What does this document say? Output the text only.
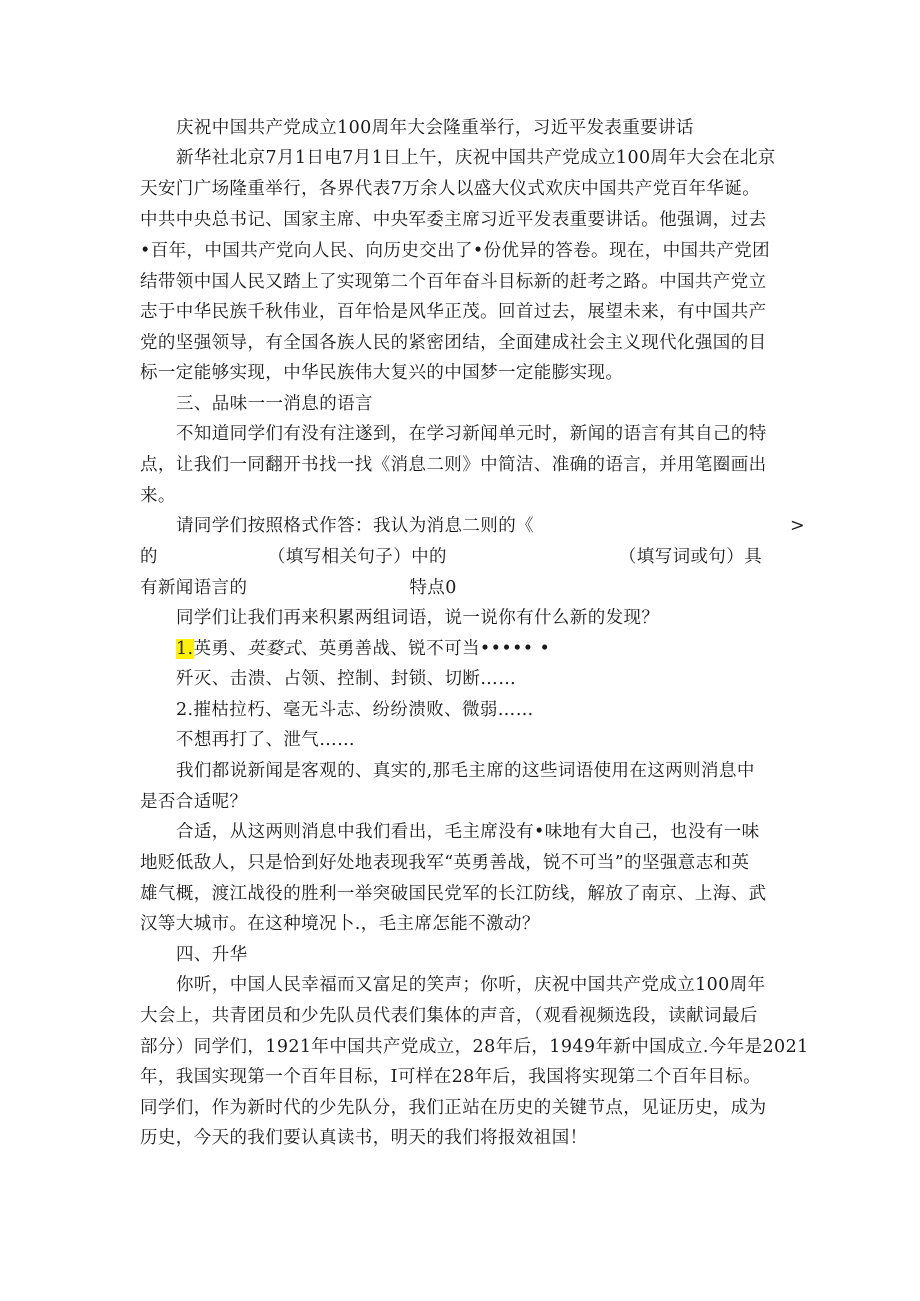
庆祝中国共产党成立100周年大会隆重举行，习近平发表重要讲话
新华社北京7月1日电7月1日上午，庆祝中国共产党成立100周年大会在北京
天安门广场隆重举行，各界代表7万余人以盛大仪式欢庆中国共产党百年华诞。
中共中央总书记、国家主席、中央军委主席习近平发表重要讲话。他强调，过去
•百年，中国共产党向人民、向历史交出了•份优异的答卷。现在，中国共产党团
结带领中国人民又踏上了实现第二个百年奋斗目标新的赶考之路。中国共产党立
志于中华民族千秋伟业，百年恰是风华正茂。回首过去，展望未来，有中国共产
党的坚强领导，有全国各族人民的紧密团结，全面建成社会主义现代化强国的目
标一定能够实现，中华民族伟大复兴的中国梦一定能膨实现。
三、品味一一消息的语言
不知道同学们有没有注遂到，在学习新闻单元时，新闻的语言有其自己的特
点，让我们一同翻开书找一找《消息二则》中简洁、准确的语言，并用笔圈画出
来。
请同学们按照格式作答：我认为消息二则的《	>
的	（填写相关句子）中的	（填写词或句）具
有新闻语言的	特点0
同学们让我们再来积累两组词语，说一说你有什么新的发现？
1.英勇、英婺式、英勇善战、锐不可当••••• •
歼灭、击溃、占领、控制、封锁、切断……
2.摧枯拉朽、毫无斗志、纷纷溃败、微弱……
不想再打了、泄气……
我们都说新闻是客观的、真实的,那毛主席的这些词语使用在这两则消息中
是否合适呢？
合适，从这两则消息中我们看出，毛主席没有•味地有大自己，也没有一味
地贬低敌人，只是恰到好处地表现我军“英勇善战，锐不可当”的坚强意志和英
雄气概，渡江战役的胜利一举突破国民党军的长江防线，解放了南京、上海、武
汉等大城市。在这种境况卜.，毛主席怎能不激动？
四、升华
你听，中国人民幸福而又富足的笑声；你听，庆祝中国共产党成立100周年
大会上，共青团员和少先队员代表们集体的声音，（观看视频选段，读献词最后
部分）同学们，1921年中国共产党成立，28年后，1949年新中国成立.今年是2021
年，我国实现第一个百年目标，I可样在28年后，我国将实现第二个百年目标。
同学们，作为新时代的少先队分，我们正站在历史的关键节点，见证历史，成为
历史，今天的我们要认真读书，明天的我们将报效祖国！
